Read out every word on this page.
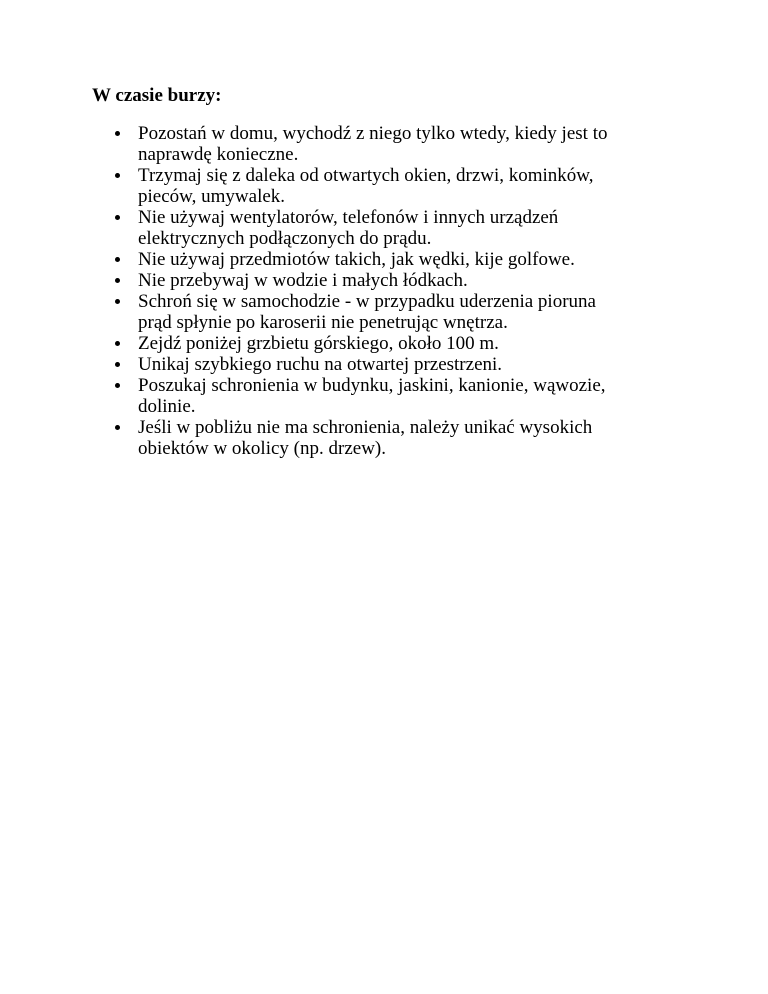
W czasie burzy:
Pozostań w domu, wychodź z niego tylko wtedy, kiedy jest to
naprawdę konieczne.
Trzymaj się z daleka od otwartych okien, drzwi, kominków,
pieców, umywalek.
Nie używaj wentylatorów, telefonów i innych urządzeń
elektrycznych podłączonych do prądu.
Nie używaj przedmiotów takich, jak wędki, kije golfowe.
Nie przebywaj w wodzie i małych łódkach.
Schroń się w samochodzie - w przypadku uderzenia pioruna
prąd spłynie po karoserii nie penetrując wnętrza.
Zejdź poniżej grzbietu górskiego, około 100 m.
Unikaj szybkiego ruchu na otwartej przestrzeni.
Poszukaj schronienia w budynku, jaskini, kanionie, wąwozie,
dolinie.
Jeśli w pobliżu nie ma schronienia, należy unikać wysokich
obiektów w okolicy (np. drzew).
